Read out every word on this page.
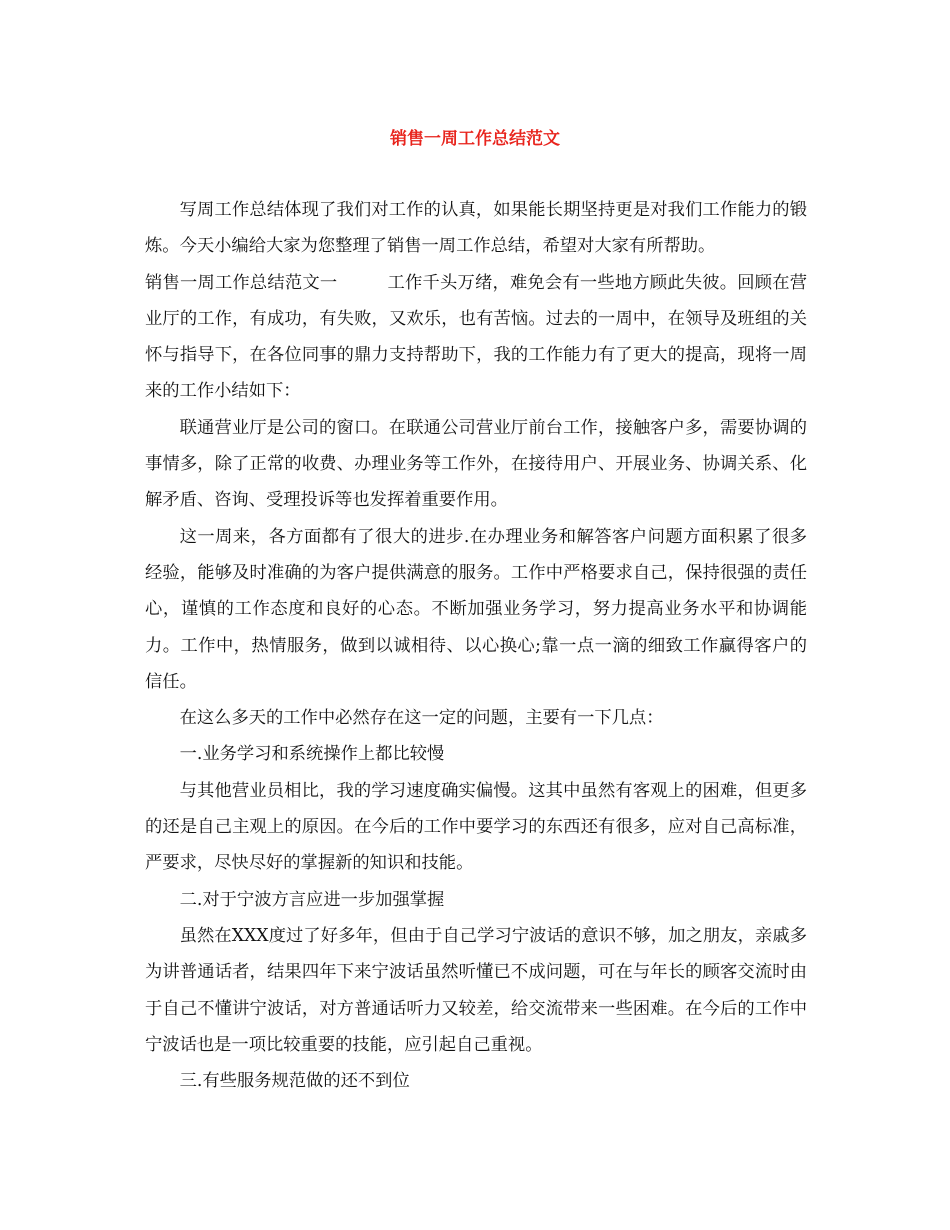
销售一周工作总结范文

写周工作总结体现了我们对工作的认真，如果能长期坚持更是对我们工作能力的锻炼。今天小编给大家为您整理了销售一周工作总结，希望对大家有所帮助。

销售一周工作总结范文一	工作千头万绪，难免会有一些地方顾此失彼。回顾在营业厅的工作，有成功，有失败，又欢乐，也有苦恼。过去的一周中，在领导及班组的关怀与指导下，在各位同事的鼎力支持帮助下，我的工作能力有了更大的提高，现将一周来的工作小结如下：

联通营业厅是公司的窗口。在联通公司营业厅前台工作，接触客户多，需要协调的事情多，除了正常的收费、办理业务等工作外，在接待用户、开展业务、协调关系、化解矛盾、咨询、受理投诉等也发挥着重要作用。

这一周来，各方面都有了很大的进步.在办理业务和解答客户问题方面积累了很多经验，能够及时准确的为客户提供满意的服务。工作中严格要求自己，保持很强的责任心，谨慎的工作态度和良好的心态。不断加强业务学习，努力提高业务水平和协调能力。工作中，热情服务，做到以诚相待、以心换心;靠一点一滴的细致工作赢得客户的信任。

在这么多天的工作中必然存在这一定的问题，主要有一下几点：

一.业务学习和系统操作上都比较慢

与其他营业员相比，我的学习速度确实偏慢。这其中虽然有客观上的困难，但更多的还是自己主观上的原因。在今后的工作中要学习的东西还有很多，应对自己高标准，严要求，尽快尽好的掌握新的知识和技能。

二.对于宁波方言应进一步加强掌握

虽然在XXX度过了好多年，但由于自己学习宁波话的意识不够，加之朋友，亲戚多为讲普通话者，结果四年下来宁波话虽然听懂已不成问题，可在与年长的顾客交流时由于自己不懂讲宁波话，对方普通话听力又较差，给交流带来一些困难。在今后的工作中宁波话也是一项比较重要的技能，应引起自己重视。

三.有些服务规范做的还不到位
